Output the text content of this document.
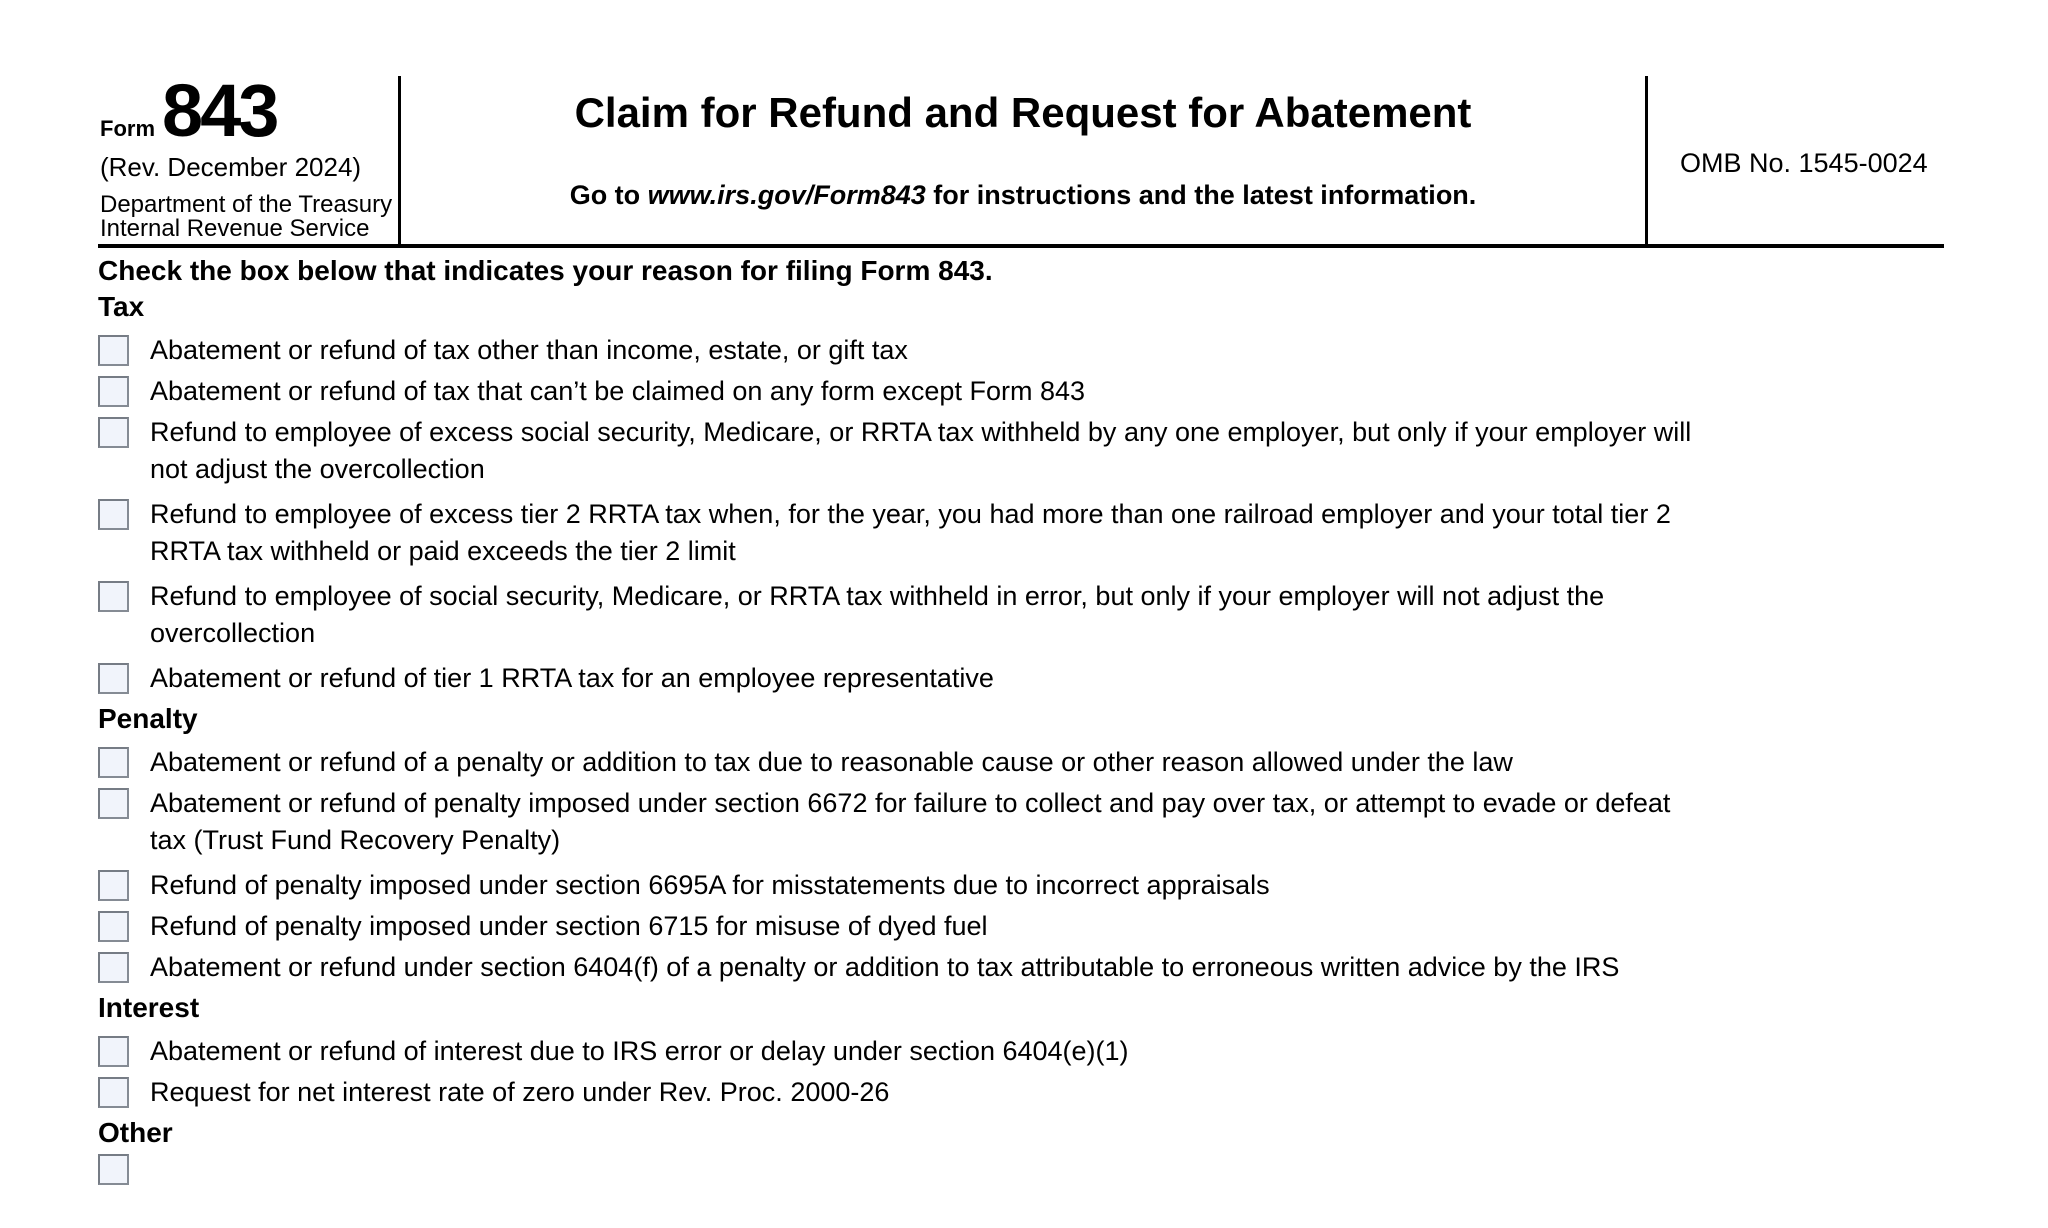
Form 843
(Rev. December 2024)
Department of the Treasury
Internal Revenue Service
Claim for Refund and Request for Abatement
Go to www.irs.gov/Form843 for instructions and the latest information.
OMB No. 1545-0024
Check the box below that indicates your reason for filing Form 843.
Tax
Abatement or refund of tax other than income, estate, or gift tax
Abatement or refund of tax that can’t be claimed on any form except Form 843
Refund to employee of excess social security, Medicare, or RRTA tax withheld by any one employer, but only if your employer will
not adjust the overcollection
Refund to employee of excess tier 2 RRTA tax when, for the year, you had more than one railroad employer and your total tier 2
RRTA tax withheld or paid exceeds the tier 2 limit
Refund to employee of social security, Medicare, or RRTA tax withheld in error, but only if your employer will not adjust the
overcollection
Abatement or refund of tier 1 RRTA tax for an employee representative
Penalty
Abatement or refund of a penalty or addition to tax due to reasonable cause or other reason allowed under the law
Abatement or refund of penalty imposed under section 6672 for failure to collect and pay over tax, or attempt to evade or defeat
tax (Trust Fund Recovery Penalty)
Refund of penalty imposed under section 6695A for misstatements due to incorrect appraisals
Refund of penalty imposed under section 6715 for misuse of dyed fuel
Abatement or refund under section 6404(f) of a penalty or addition to tax attributable to erroneous written advice by the IRS
Interest
Abatement or refund of interest due to IRS error or delay under section 6404(e)(1)
Request for net interest rate of zero under Rev. Proc. 2000-26
Other
